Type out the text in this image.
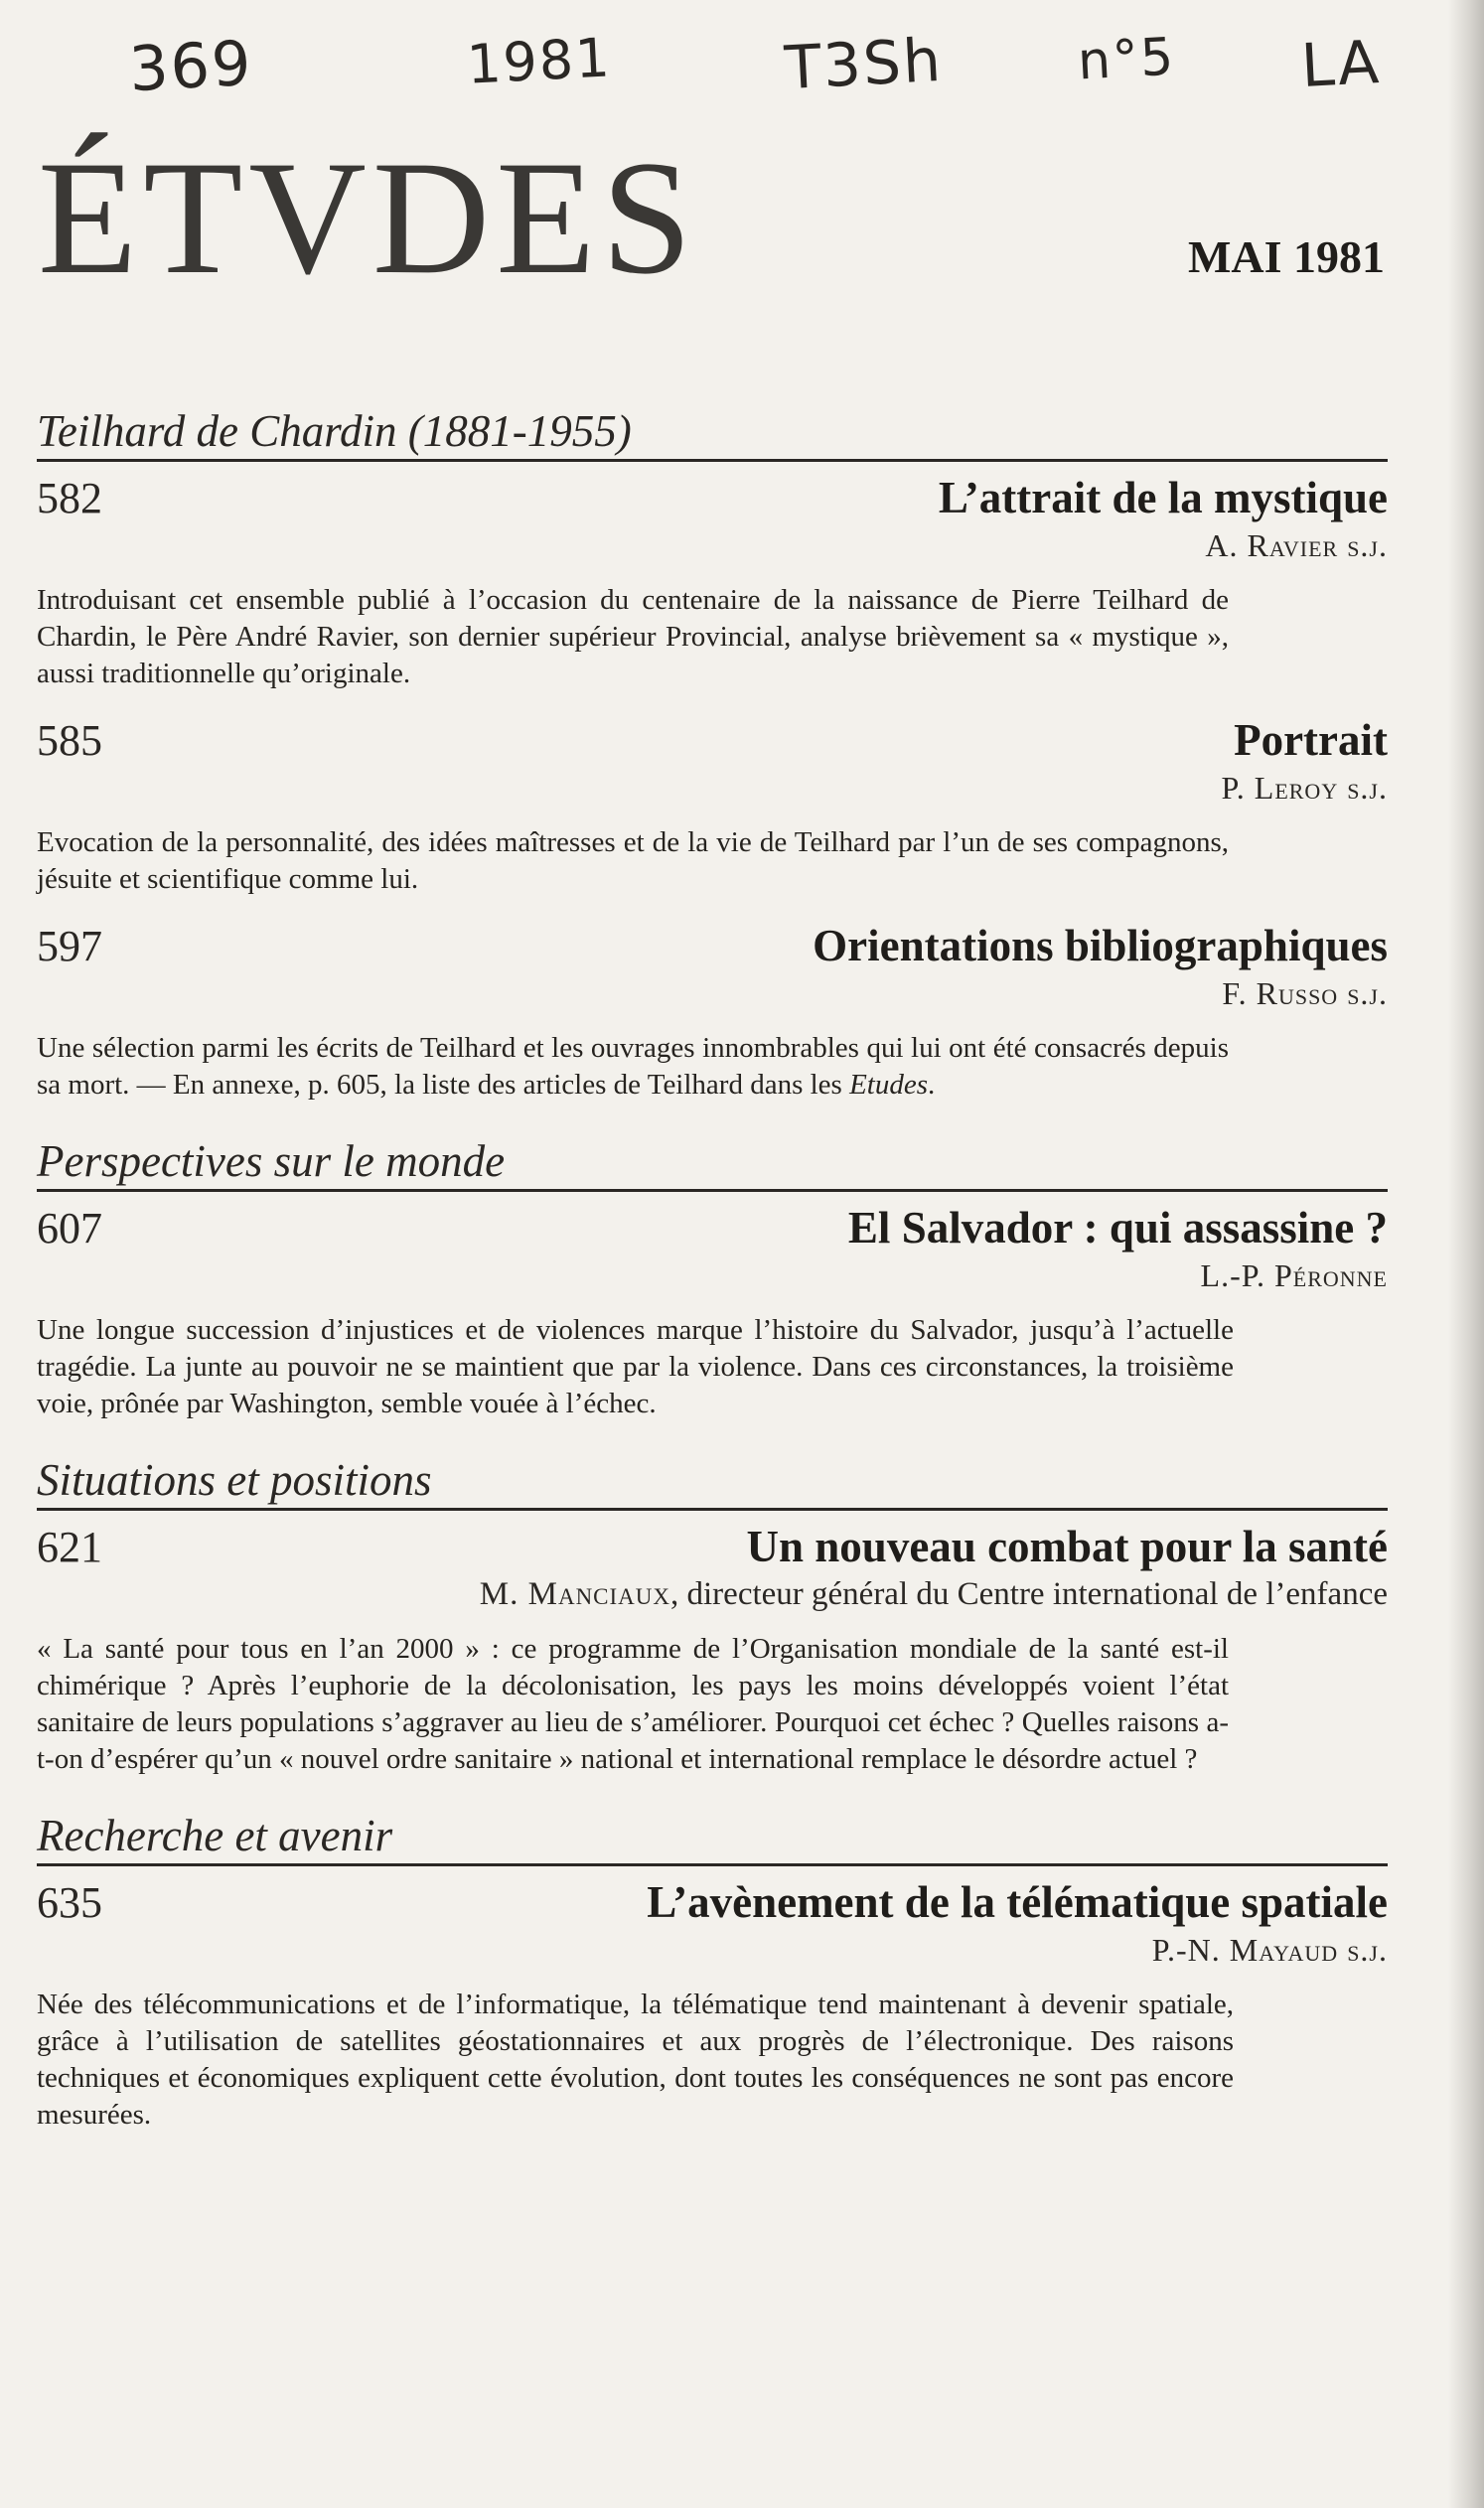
369	1981	T3Sh	n°5 LA
ÉTVDES	MAI 1981
Teilhard de Chardin (1881-1955)
582	L’attrait de la mystique
A. Ravier s.j.
Introduisant cet ensemble publié à l’occasion du centenaire de la naissance de Pierre Teilhard de Chardin, le Père André Ravier, son dernier supérieur Provincial, analyse brièvement sa « mystique », aussi traditionnelle qu’originale.
585	Portrait
P. Leroy s.j.
Evocation de la personnalité, des idées maîtresses et de la vie de Teilhard par l’un de ses compagnons, jésuite et scientifique comme lui.
597	Orientations bibliographiques
F. Russo s.j.
Une sélection parmi les écrits de Teilhard et les ouvrages innombrables qui lui ont été consacrés depuis sa mort. — En annexe, p. 605, la liste des articles de Teilhard dans les Etudes.
Perspectives sur le monde
607	El Salvador : qui assassine ?
L.-P. Péronne
Une longue succession d’injustices et de violences marque l’histoire du Salvador, jusqu’à l’actuelle tragédie. La junte au pouvoir ne se maintient que par la violence. Dans ces circonstances, la troisième voie, prônée par Washington, semble vouée à l’échec.
Situations et positions
621	Un nouveau combat pour la santé
M. Manciaux, directeur général du Centre international de l’enfance
« La santé pour tous en l’an 2000 » : ce programme de l’Organisation mondiale de la santé est-il chimérique ? Après l’euphorie de la décolonisation, les pays les moins développés voient l’état sanitaire de leurs populations s’aggraver au lieu de s’améliorer. Pourquoi cet échec ? Quelles raisons a-t-on d’espérer qu’un « nouvel ordre sanitaire » national et international remplace le désordre actuel ?
Recherche et avenir
635	L’avènement de la télématique spatiale
P.-N. Mayaud s.j.
Née des télécommunications et de l’informatique, la télématique tend maintenant à devenir spatiale, grâce à l’utilisation de satellites géostationnaires et aux progrès de l’électronique. Des raisons techniques et économiques expliquent cette évolution, dont toutes les conséquences ne sont pas encore mesurées.
